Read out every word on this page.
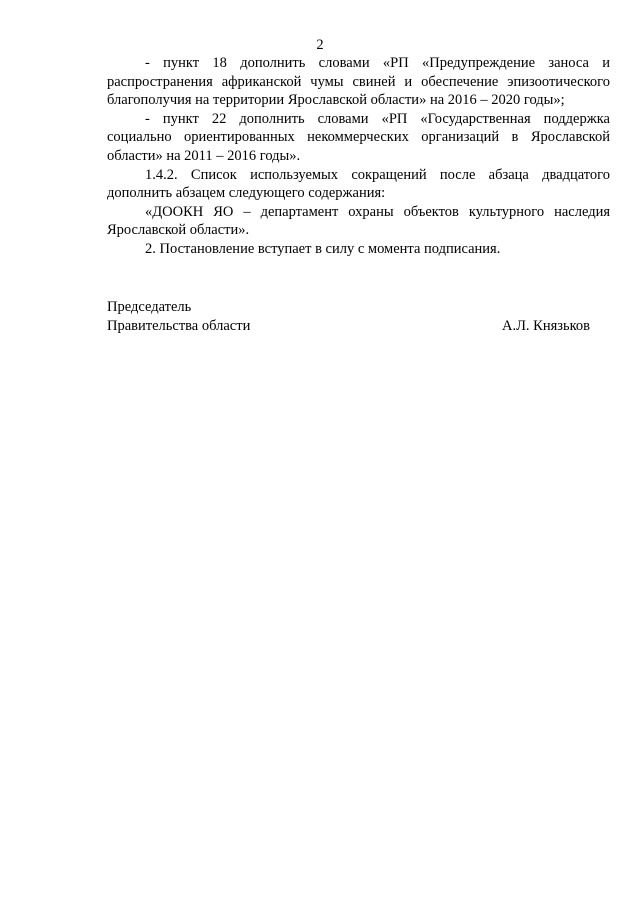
2

- пункт 18 дополнить словами «РП «Предупреждение заноса и распространения африканской чумы свиней и обеспечение эпизоотического благополучия на территории Ярославской области» на 2016 – 2020 годы»;

- пункт 22 дополнить словами «РП «Государственная поддержка социально ориентированных некоммерческих организаций в Ярославской области» на 2011 – 2016 годы».

1.4.2. Список используемых сокращений после абзаца двадцатого дополнить абзацем следующего содержания:

«ДООКН ЯО – департамент охраны объектов культурного наследия Ярославской области».

2. Постановление вступает в силу с момента подписания.

Председатель
Правительства области	А.Л. Князьков
